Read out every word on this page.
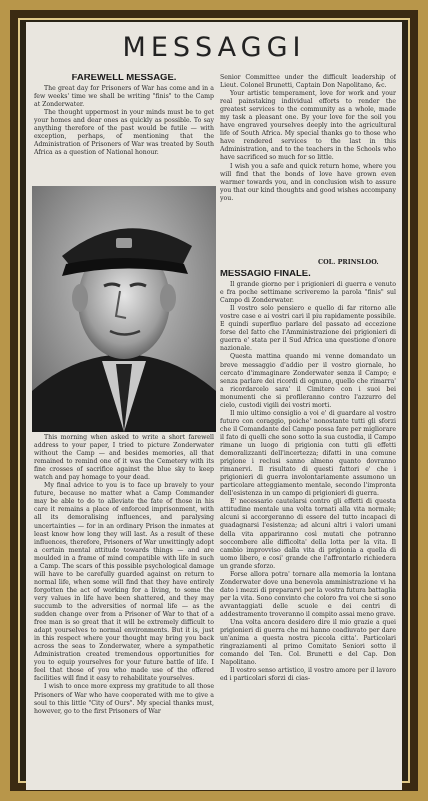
MESSAGGI
FAREWELL MESSAGE.

The great day for Prisoners of War has come and in a few weeks' time we shall be writing "finis" to the Camp at Zonderwater.

The thought uppermost in your minds must be to get your homes and dear ones as quickly as possible. To say anything therefore of the past would be futile — with exception, perhaps, of mentioning that the Administration of Prisoners of War was treated by South Africa as a question of National honour.

This morning when asked to write a short farewell address to your paper, I tried to picture Zonderwater without the Camp — and besides memories, all that remained to remind one of it was the Cemetery with its fine crosses of sacrifice against the blue sky to keep watch and pay homage to your dead.

My final advice to you is to face up bravely to your future, because no matter what a Camp Commander may be able to do to alleviate the fate of those in his care it remains a place of enforced imprisonment, with all its demoralising influences, and paralysing uncertainties — for in an ordinary Prison the inmates at least know how long they will last. As a result of these influences, therefore, Prisoners of War unwittingly adopt a certain mental attitude towards things — and are moulded in a frame of mind compatible with life in such a Camp. The scars of this possible psychological damage will have to be carefully guarded against on return to normal life, when some will find that they have entirely forgotten the act of working for a living, to some the very values in life have been shattered, and they may succumb to the adversities of normal life — as the sudden change over from a Prisoner of War to that of a free man is so great that it will be extremely difficult to adapt yourselves to normal environments. But it is, just in this respect where your thought may bring you back across the seas to Zonderwater, where a sympathetic Administration created tremendous opportunities for you to equip yourselves for your future battle of life. I feel that those of you who made use of the offered facilities will find it easy to rehabilitate yourselves.

I wish to once more express my gratitude to all those Prisoners of War who have cooperated with me to give a soul to this little "City of Ours". My special thanks must, however, go to the first Prisoners of War

Senior Committee under the difficult leadership of Lieut. Colonel Brunetti, Captain Don Napolitano, &c.

Your artistic temperament, love for work and your real painstaking individual efforts to render the greatest services to the community as a whole, made my task a pleasant one. By your love for the soil you have engraved yourselves deeply into the agricultural life of South Africa. My special thanks go to those who have rendered services to the last in this Administration, and to the teachers in the Schools who have sacrificed so much for so little.

I wish you a safe and quick return home, where you will find that the bonds of love have grown even warmer towards you, and in conclusion wish to assure you that our kind thoughts and good wishes accompany you.

COL. PRINSLOO.
MESSAGIO FINALE.

Il grande giorno per i prigionieri di guerra e venuto e fra poche settimane scriveremo la parola "finis" sul Campo di Zonderwater.

Il vostro solo pensiero e quello di far ritorno alle vostre case e ai vostri cari il piu rapidamente possibile. E quindi superfluo parlare del passato ad eccezione forse del fatto che l'Amministrazione dei prigionieri di guerra e' stata per il Sud Africa una questione d'onore nazionale.

Questa mattina quando mi venne domandato un breve messaggio d'addio per il vostro giornale, ho cercato d'immaginare Zonderwater senza il Campo; e senza parlare dei ricordi di ognuno, quello che rimarra' a ricordarcelo sara' il Cimitero con i suoi bei monumenti che si profileranno contro l'azzurro del cielo, custodi vigili dei vostri morti.

Il mio ultimo consiglio a voi e' di guardare al vostro futuro con coraggio, poiche' nonostante tutti gli sforzi che il Comandante del Campo possa fare per migliorare il fato di quelli che sono sotto la sua custodia, il Campo rimane un luogo di prigionia con tutti gli effetti demoralizzanti dell'incertezza; difatti in una comune prigione i reclusi sanno almeno quanto dovranno rimanervi. Il risultato di questi fattori e' che i prigionieri di guerra involontariamente assumono un particolare atteggiamento mentale, secondo l'impronta dell'esistenza in un campo di prigionieri di guerra.

E' necessario cautelarsi contro gli effetti di questa attitudine mentale una volta tornati alla vita normale; alcuni si accorgeranno di essere del tutto incapaci di guadagnarsi l'esistenza; ad alcuni altri i valori umani della vita appariranno così mutati che potranno soccombere alle difficolta' della lotta per la vita. Il cambio improvviso dalla vita di prigionia a quella di uomo libero, e cosi' grande che l'affrontarlo richiedera un grande sforzo.

Forse allora potra' tornare alla memoria la lontana Zonderwater dove una benevola amministrazione vi ha dato i mezzi di prepararvi per la vostra futura battaglia per la vita. Sono convinto che coloro fra voi che si sono avvantaggiati delle scuole e dei centri di addestramento troveranno il compito assai meno grave.

Una volta ancora desidero dire il mio grazie a quei prigionieri di guerra che mi hanno coadiuvato per dare un'anima a questa nostra piccola citta'. Particolari ringraziamenti al primo Comitato Seniori sotto il comando del Ten. Col. Brunetti e del Cap. Don Napolitano.

Il vostro senso artistico, il vostro amore per il lavoro ed i particolari sforzi di cias-
